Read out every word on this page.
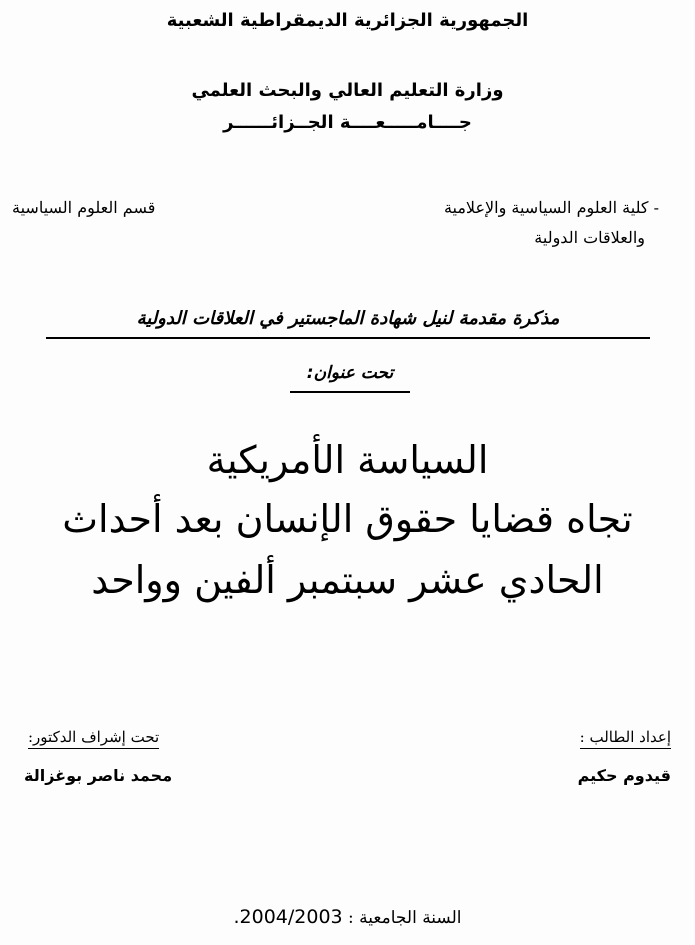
الجمهورية الجزائرية الديمقراطية الشعبية
وزارة التعليم العالي والبحث العلمي
جــــامـــــعــــة الجــزائــــــر
- كلية العلوم السياسية والإعلامية
والعلاقات الدولية
قسم العلوم السياسية
مذكرة مقدمة لنيل شهادة الماجستير في العلاقات الدولية
تحت عنوان:
السياسة الأمريكية
تجاه قضايا حقوق الإنسان بعد أحداث
الحادي عشر سبتمبر ألفين وواحد
إعداد الطالب :
قيدوم حكيم
تحت إشراف الدكتور:
محمد ناصر بوغزالة
السنة الجامعية : 2004/2003.
